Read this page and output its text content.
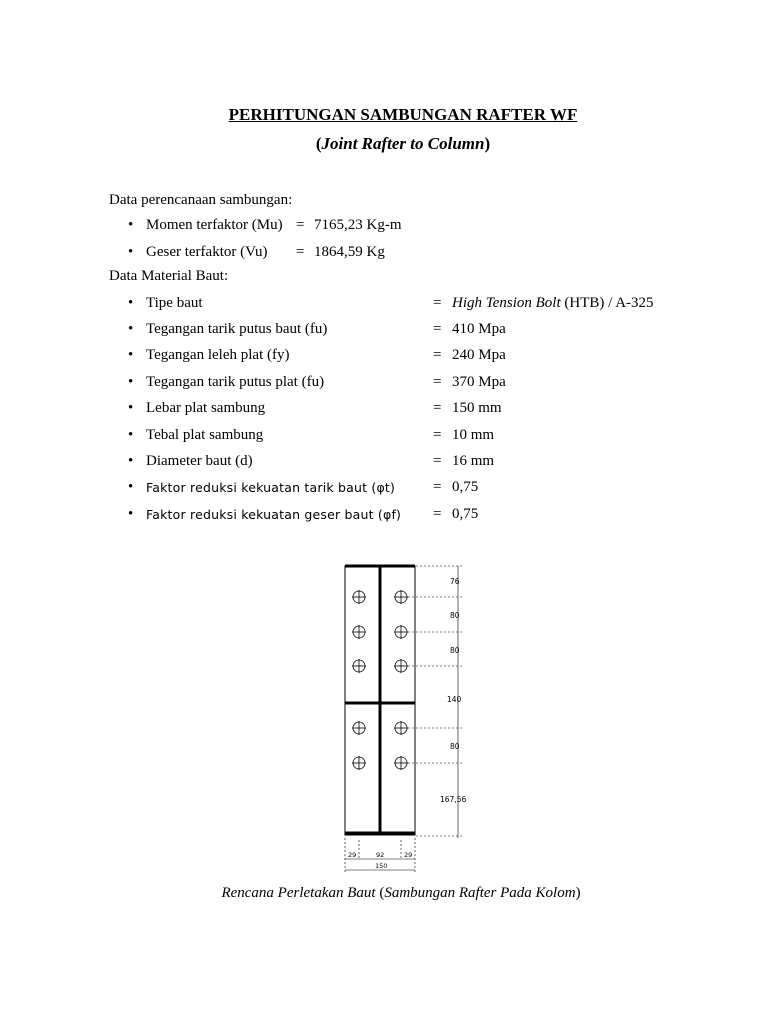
PERHITUNGAN SAMBUNGAN RAFTER WF
(Joint Rafter to Column)
Data perencanaan sambungan:
• Momen terfaktor (Mu) = 7165,23 Kg-m
• Geser terfaktor (Vu) = 1864,59 Kg
Data Material Baut:
• Tipe baut	= High Tension Bolt (HTB) / A-325
• Tegangan tarik putus baut (fu)	= 410 Mpa
• Tegangan leleh plat (fy)	= 240 Mpa
• Tegangan tarik putus plat (fu)	= 370 Mpa
• Lebar plat sambung	= 150 mm
• Tebal plat sambung	= 10 mm
• Diameter baut (d)	= 16 mm
• Faktor reduksi kekuatan tarik baut (φt)	= 0,75
• Faktor reduksi kekuatan geser baut (φf) = 0,75
76
80
80
140
80
167,56
29	92	29
150
Rencana Perletakan Baut (Sambungan Rafter Pada Kolom)
